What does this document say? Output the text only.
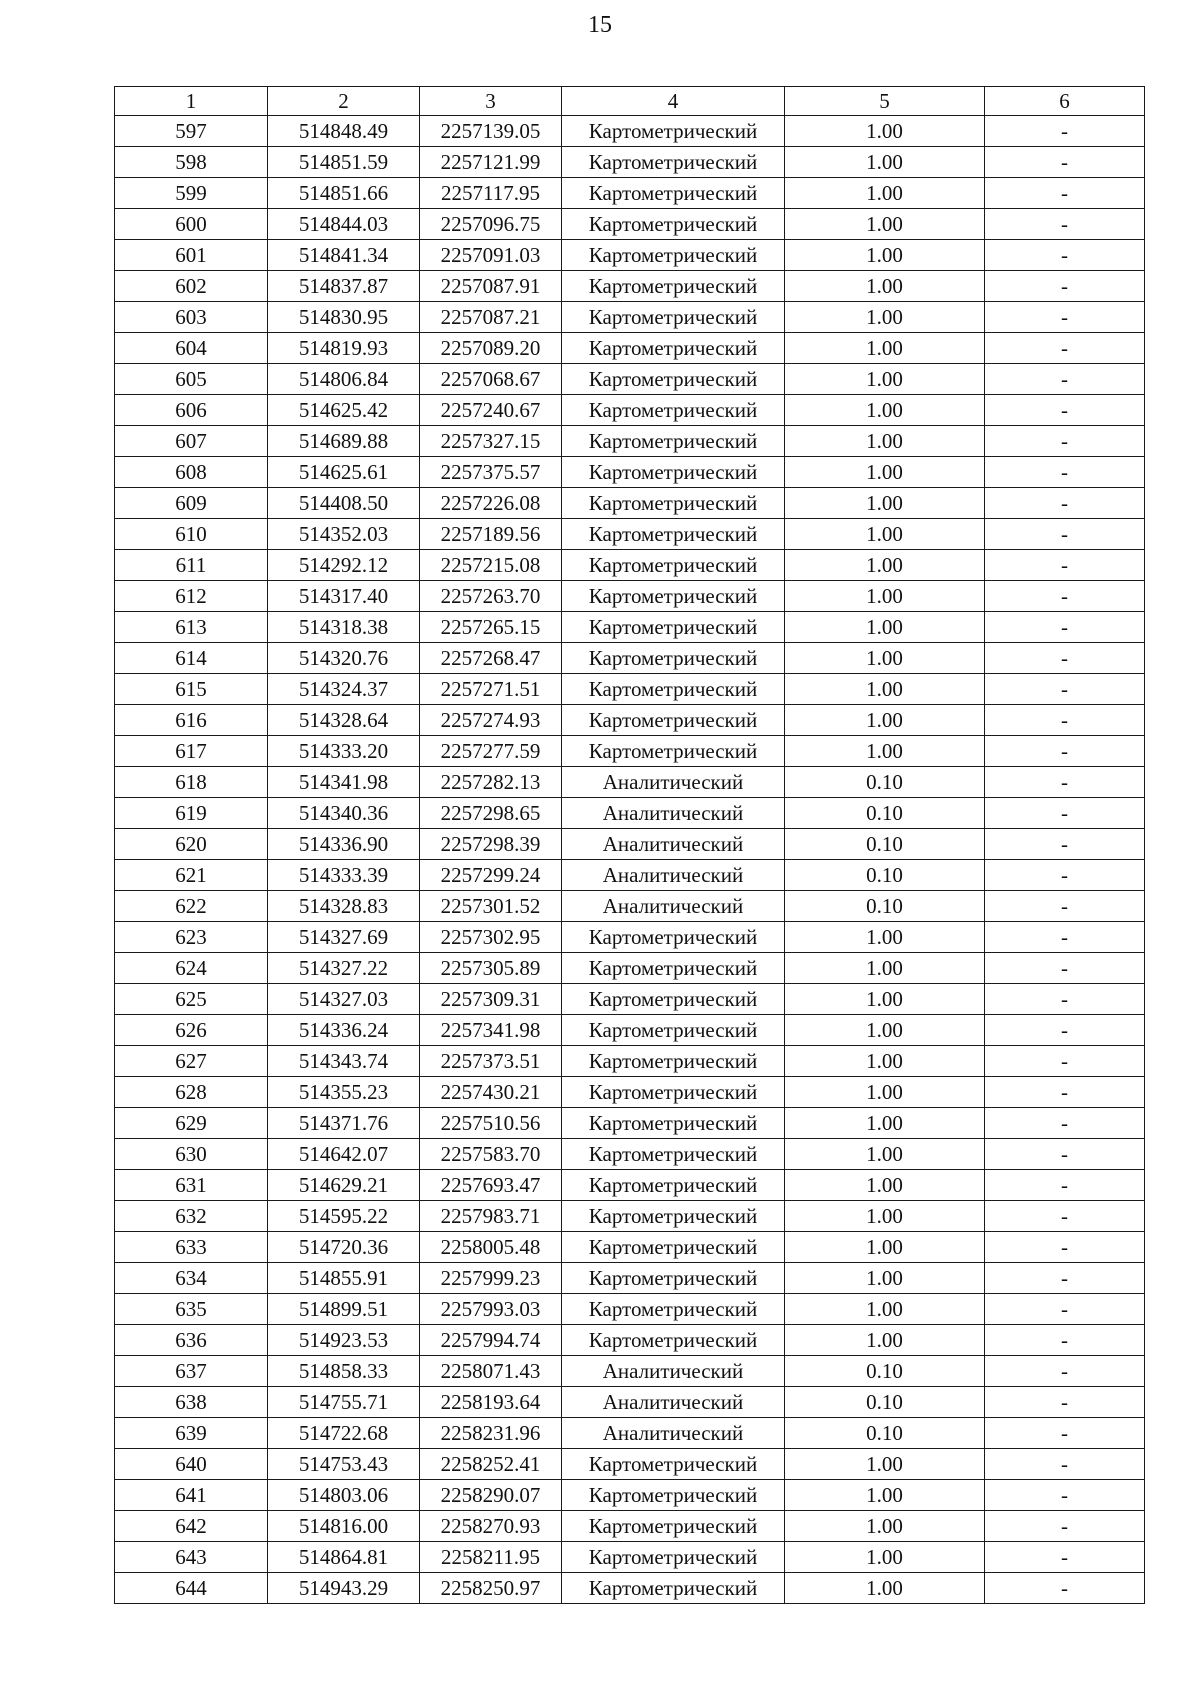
15
1	2	3	4	5	6
597	514848.49	2257139.05	Картометрический	1.00	-
598	514851.59	2257121.99	Картометрический	1.00	-
599	514851.66	2257117.95	Картометрический	1.00	-
600	514844.03	2257096.75	Картометрический	1.00	-
601	514841.34	2257091.03	Картометрический	1.00	-
602	514837.87	2257087.91	Картометрический	1.00	-
603	514830.95	2257087.21	Картометрический	1.00	-
604	514819.93	2257089.20	Картометрический	1.00	-
605	514806.84	2257068.67	Картометрический	1.00	-
606	514625.42	2257240.67	Картометрический	1.00	-
607	514689.88	2257327.15	Картометрический	1.00	-
608	514625.61	2257375.57	Картометрический	1.00	-
609	514408.50	2257226.08	Картометрический	1.00	-
610	514352.03	2257189.56	Картометрический	1.00	-
611	514292.12	2257215.08	Картометрический	1.00	-
612	514317.40	2257263.70	Картометрический	1.00	-
613	514318.38	2257265.15	Картометрический	1.00	-
614	514320.76	2257268.47	Картометрический	1.00	-
615	514324.37	2257271.51	Картометрический	1.00	-
616	514328.64	2257274.93	Картометрический	1.00	-
617	514333.20	2257277.59	Картометрический	1.00	-
618	514341.98	2257282.13	Аналитический	0.10	-
619	514340.36	2257298.65	Аналитический	0.10	-
620	514336.90	2257298.39	Аналитический	0.10	-
621	514333.39	2257299.24	Аналитический	0.10	-
622	514328.83	2257301.52	Аналитический	0.10	-
623	514327.69	2257302.95	Картометрический	1.00	-
624	514327.22	2257305.89	Картометрический	1.00	-
625	514327.03	2257309.31	Картометрический	1.00	-
626	514336.24	2257341.98	Картометрический	1.00	-
627	514343.74	2257373.51	Картометрический	1.00	-
628	514355.23	2257430.21	Картометрический	1.00	-
629	514371.76	2257510.56	Картометрический	1.00	-
630	514642.07	2257583.70	Картометрический	1.00	-
631	514629.21	2257693.47	Картометрический	1.00	-
632	514595.22	2257983.71	Картометрический	1.00	-
633	514720.36	2258005.48	Картометрический	1.00	-
634	514855.91	2257999.23	Картометрический	1.00	-
635	514899.51	2257993.03	Картометрический	1.00	-
636	514923.53	2257994.74	Картометрический	1.00	-
637	514858.33	2258071.43	Аналитический	0.10	-
638	514755.71	2258193.64	Аналитический	0.10	-
639	514722.68	2258231.96	Аналитический	0.10	-
640	514753.43	2258252.41	Картометрический	1.00	-
641	514803.06	2258290.07	Картометрический	1.00	-
642	514816.00	2258270.93	Картометрический	1.00	-
643	514864.81	2258211.95	Картометрический	1.00	-
644	514943.29	2258250.97	Картометрический	1.00	-
